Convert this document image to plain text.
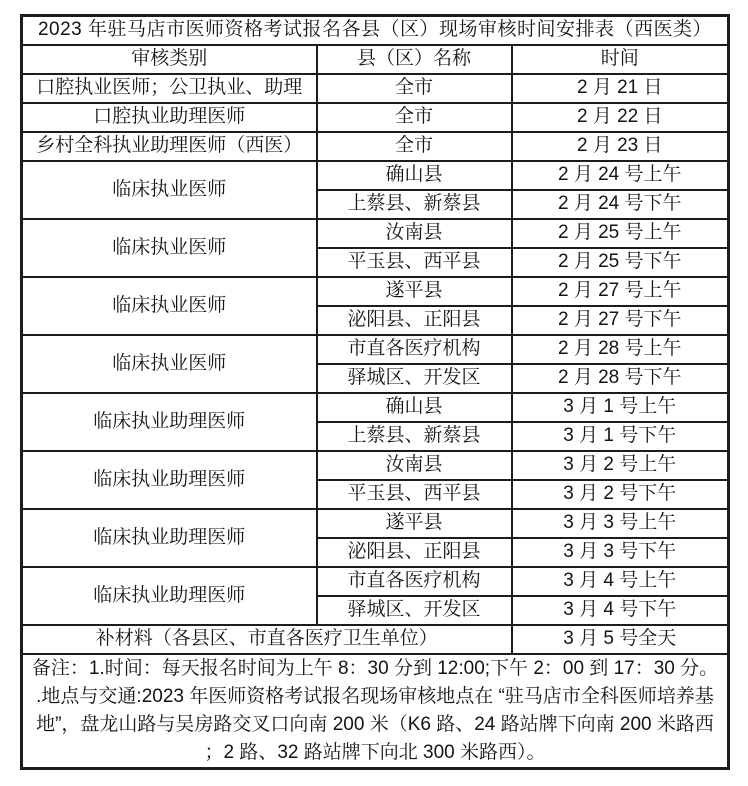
2023 年驻马店市医师资格考试报名各县（区）现场审核时间安排表（西医类）		
审核类别	县（区）名称	时间
口腔执业医师；公卫执业、助理	全市	2 月 21 日
口腔执业助理医师	全市	2 月 22 日
乡村全科执业助理医师（西医）	全市	2 月 23 日
临床执业医师	确山县	2 月 24 号上午
	上蔡县、新蔡县	2 月 24 号下午
临床执业医师	汝南县	2 月 25 号上午
	平玉县、西平县	2 月 25 号下午
临床执业医师	遂平县	2 月 27 号上午
	泌阳县、正阳县	2 月 27 号下午
临床执业医师	市直各医疗机构	2 月 28 号上午
	驿城区、开发区	2 月 28 号下午
临床执业助理医师	确山县	3 月 1 号上午
	上蔡县、新蔡县	3 月 1 号下午
临床执业助理医师	汝南县	3 月 2 号上午
	平玉县、西平县	3 月 2 号下午
临床执业助理医师	遂平县	3 月 3 号上午
	泌阳县、正阳县	3 月 3 号下午
临床执业助理医师	市直各医疗机构	3 月 4 号上午
	驿城区、开发区	3 月 4 号下午
补材料（各县区、市直各医疗卫生单位）		3 月 5 号全天

备注：1.时间：每天报名时间为上午 8：30 分到 12:00;下午 2：00 到 17：30 分。
.地点与交通:2023 年医师资格考试报名现场审核地点在 “驻马店市全科医师培养基
地”，盘龙山路与吴房路交叉口向南 200 米（K6 路、24 路站牌下向南 200 米路西
；2 路、32 路站牌下向北 300 米路西）。		
